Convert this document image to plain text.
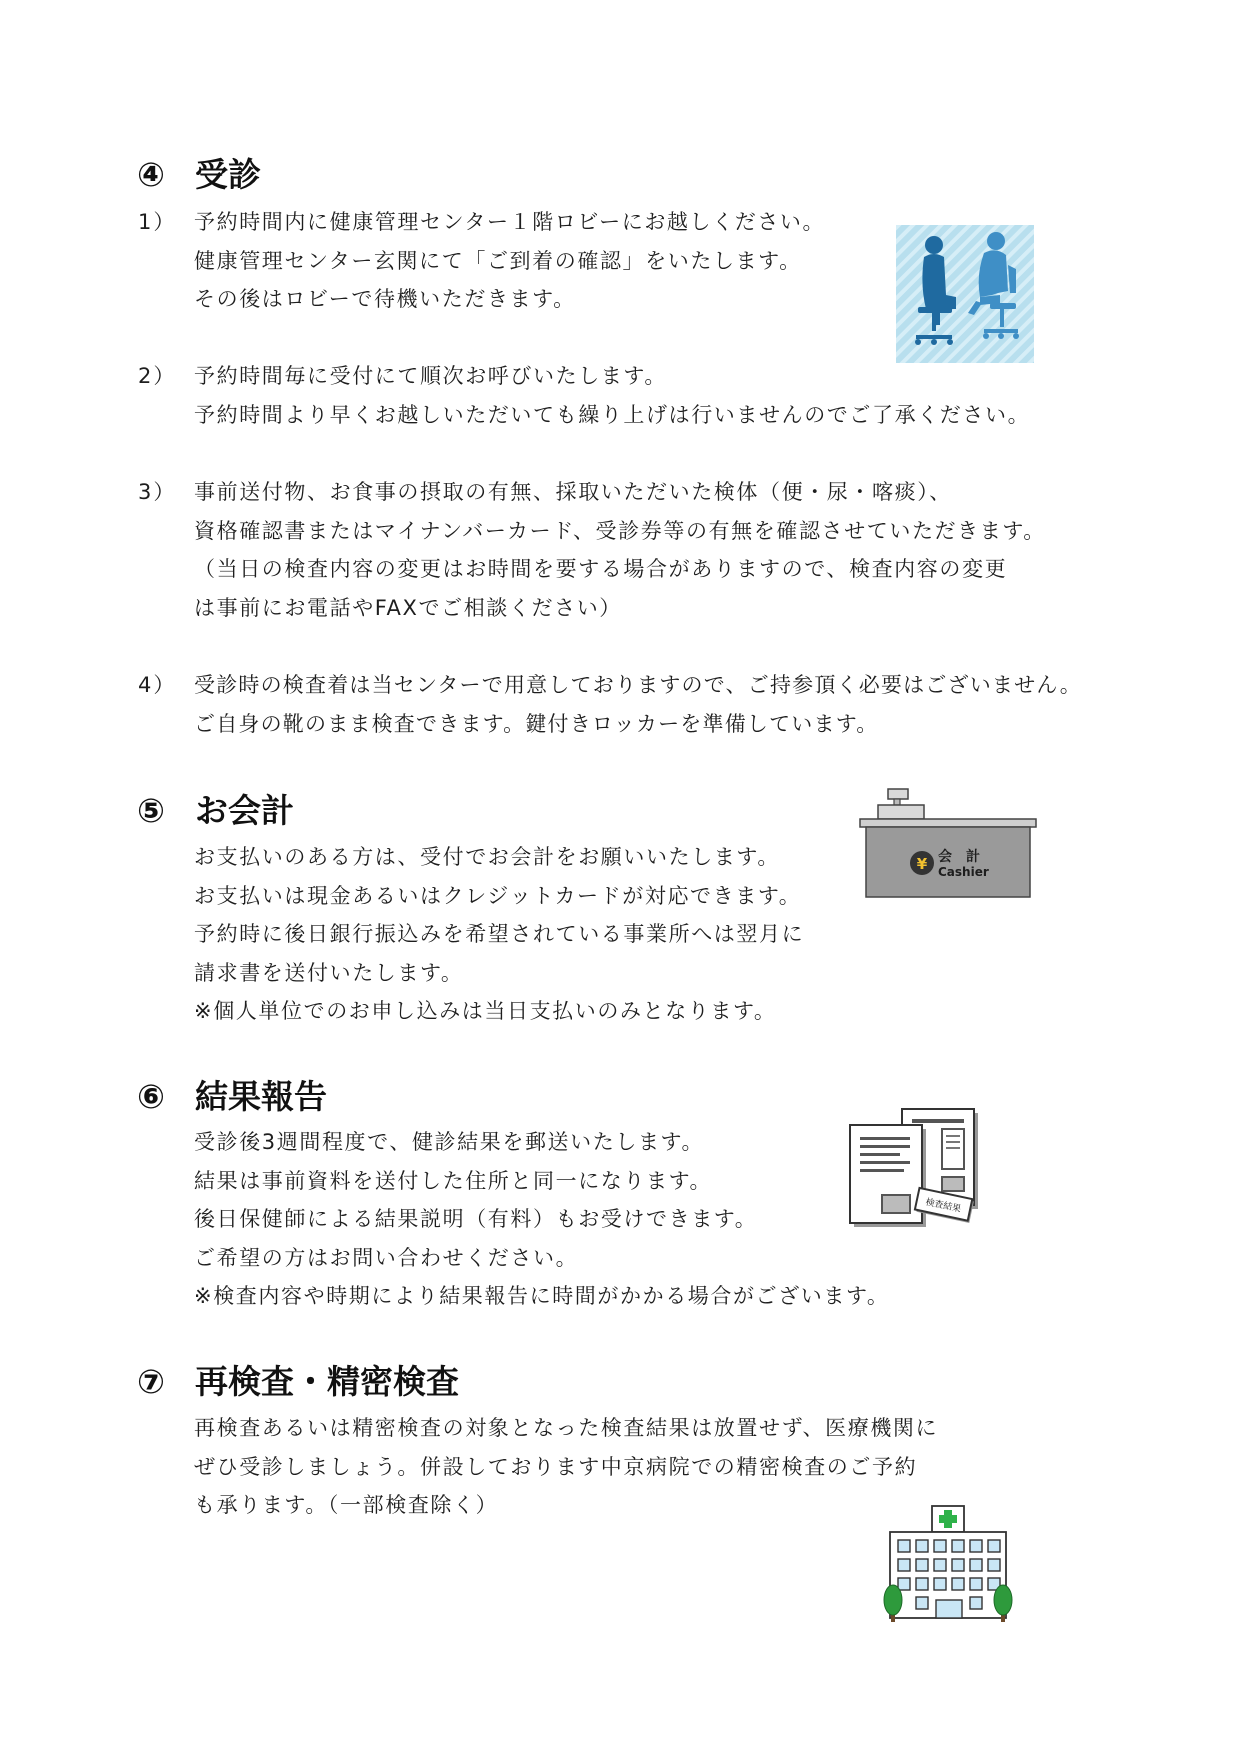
④ 受診
1） 予約時間内に健康管理センター１階ロビーにお越しください。
健康管理センター玄関にて「ご到着の確認」をいたします。
その後はロビーで待機いただきます。
2） 予約時間毎に受付にて順次お呼びいたします。
予約時間より早くお越しいただいても繰り上げは行いませんのでご了承ください。
3） 事前送付物、お食事の摂取の有無、採取いただいた検体（便・尿・喀痰）、
資格確認書またはマイナンバーカード、受診券等の有無を確認させていただきます。
（当日の検査内容の変更はお時間を要する場合がありますので、検査内容の変更
は事前にお電話やFAXでご相談ください）
4） 受診時の検査着は当センターで用意しておりますので、ご持参頂く必要はございません。
ご自身の靴のまま検査できます。鍵付きロッカーを準備しています。
⑤ お会計
お支払いのある方は、受付でお会計をお願いいたします。
お支払いは現金あるいはクレジットカードが対応できます。
予約時に後日銀行振込みを希望されている事業所へは翌月に
請求書を送付いたします。
※個人単位でのお申し込みは当日支払いのみとなります。
¥ 会　計
Cashier
⑥ 結果報告
受診後3週間程度で、健診結果を郵送いたします。
結果は事前資料を送付した住所と同一になります。
後日保健師による結果説明（有料）もお受けできます。
ご希望の方はお問い合わせください。
※検査内容や時期により結果報告に時間がかかる場合がございます。
検査結果
⑦ 再検査・精密検査
再検査あるいは精密検査の対象となった検査結果は放置せず、医療機関に
ぜひ受診しましょう。併設しております中京病院での精密検査のご予約
も承ります。（一部検査除く）
